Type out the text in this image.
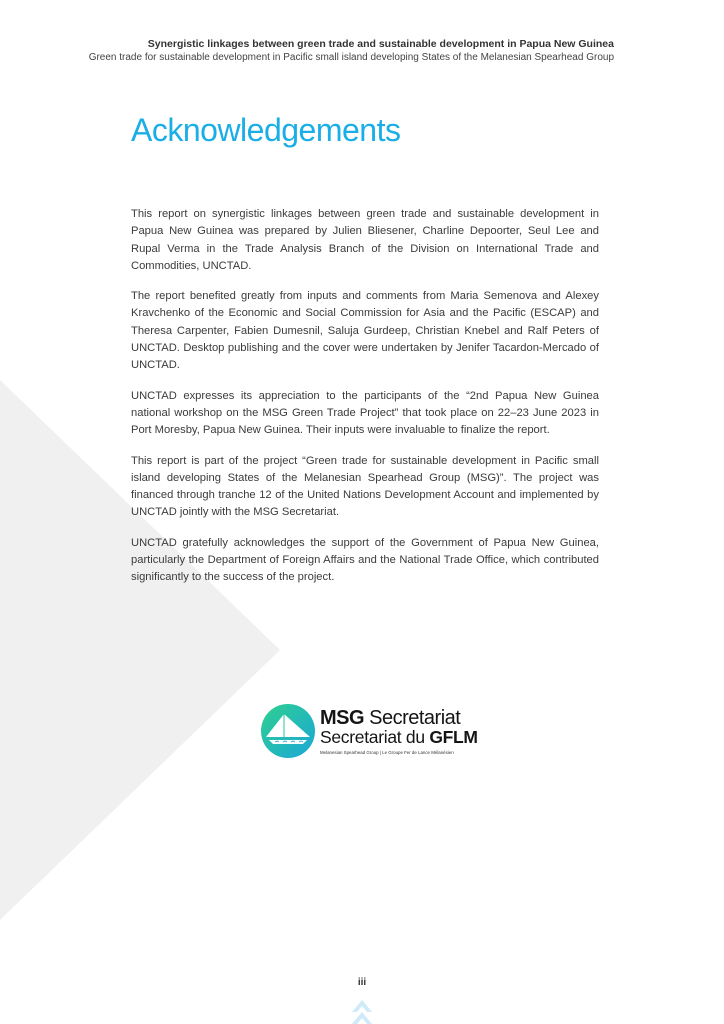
Synergistic linkages between green trade and sustainable development in Papua New Guinea
Green trade for sustainable development in Pacific small island developing States of the Melanesian Spearhead Group
Acknowledgements

This report on synergistic linkages between green trade and sustainable development in Papua New Guinea was prepared by Julien Bliesener, Charline Depoorter, Seul Lee and Rupal Verma in the Trade Analysis Branch of the Division on International Trade and Commodities, UNCTAD.

The report benefited greatly from inputs and comments from Maria Semenova and Alexey Kravchenko of the Economic and Social Commission for Asia and the Pacific (ESCAP) and Theresa Carpenter, Fabien Dumesnil, Saluja Gurdeep, Christian Knebel and Ralf Peters of UNCTAD. Desktop publishing and the cover were undertaken by Jenifer Tacardon-Mercado of UNCTAD.

UNCTAD expresses its appreciation to the participants of the “2nd Papua New Guinea national workshop on the MSG Green Trade Project” that took place on 22–23 June 2023 in Port Moresby, Papua New Guinea. Their inputs were invaluable to finalize the report.

This report is part of the project “Green trade for sustainable development in Pacific small island developing States of the Melanesian Spearhead Group (MSG)”. The project was financed through tranche 12 of the United Nations Development Account and implemented by UNCTAD jointly with the MSG Secretariat.

UNCTAD gratefully acknowledges the support of the Government of Papua New Guinea, particularly the Department of Foreign Affairs and the National Trade Office, which contributed significantly to the success of the project.

MSG Secretariat
Secretariat du GFLM
Melanesian Spearhead Group | Le Groupe Fer de Lance Mélanésien
iii
